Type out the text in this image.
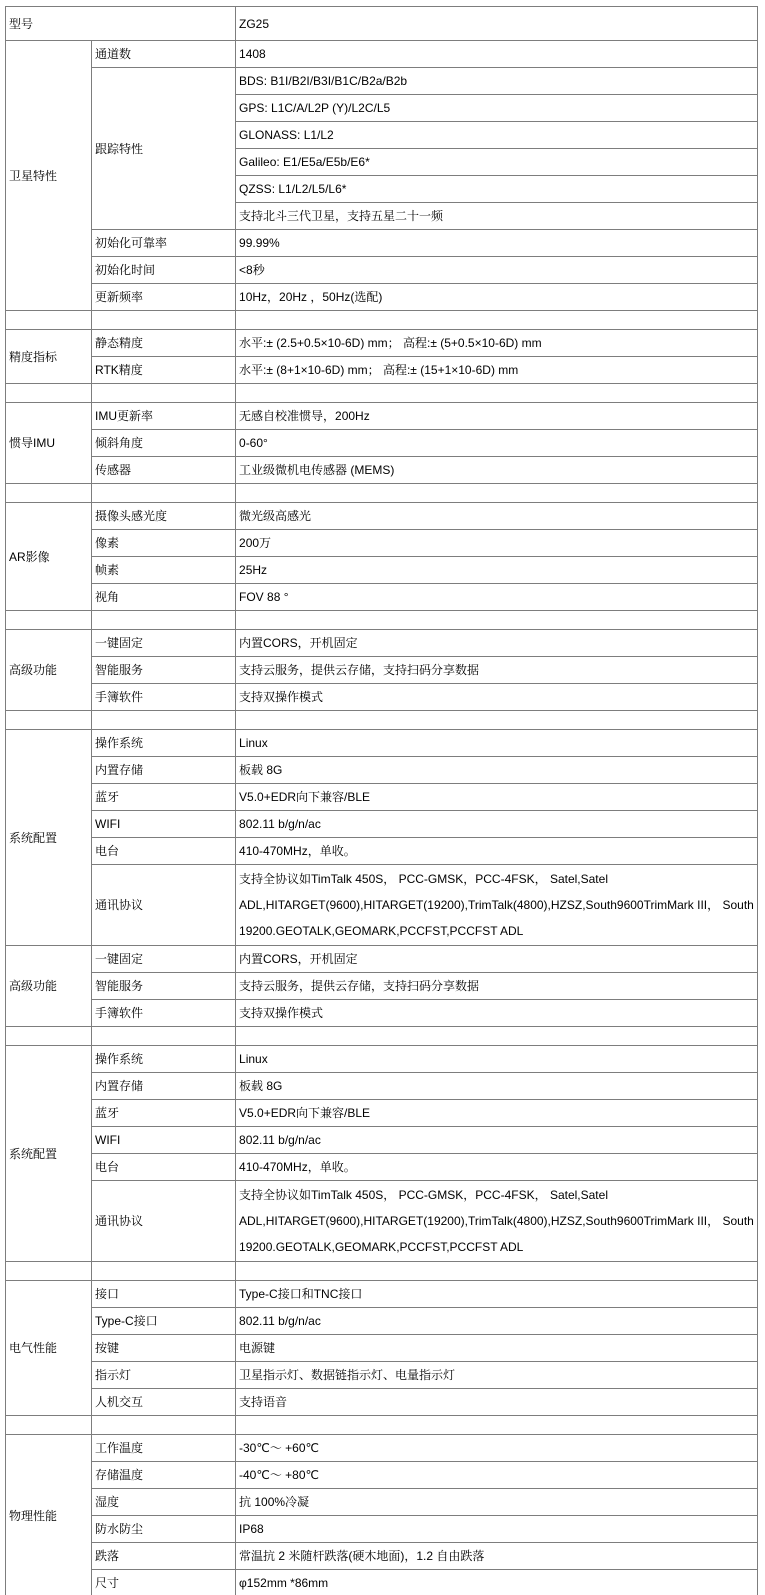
型号		ZG25
卫星特性	通道数	1408
	跟踪特性	BDS: B1I/B2I/B3I/B1C/B2a/B2b
		GPS: L1C/A/L2P (Y)/L2C/L5
		GLONASS: L1/L2
		Galileo: E1/E5a/E5b/E6*
		QZSS: L1/L2/L5/L6*
		支持北斗三代卫星，支持五星二十一频
	初始化可靠率	99.99%
	初始化时间	<8秒
	更新频率	10Hz，20Hz ，50Hz(选配)

精度指标	静态精度	水平:± (2.5+0.5×10-6D) mm； 高程:± (5+0.5×10-6D) mm
	RTK精度	水平:± (8+1×10-6D) mm； 高程:± (15+1×10-6D) mm

惯导IMU	IMU更新率	无感自校准惯导，200Hz
	倾斜角度	0-60°
	传感器	工业级微机电传感器 (MEMS)

AR影像	摄像头感光度	微光级高感光
	像素	200万
	帧素	25Hz
	视角	FOV 88 °

高级功能	一键固定	内置CORS，开机固定
	智能服务	支持云服务，提供云存储，支持扫码分享数据
	手簿软件	支持双操作模式

系统配置	操作系统	Linux
	内置存储	板载 8G
	蓝牙	V5.0+EDR向下兼容/BLE
	WIFI	802.11 b/g/n/ac
	电台	410-470MHz，单收。
	通讯协议	支持全协议如TimTalk 450S， PCC-GMSK，PCC-4FSK， Satel,Satel ADL,HITARGET(9600),HITARGET(19200),TrimTalk(4800),HZSZ,South9600TrimMark III， South 19200.GEOTALK,GEOMARK,PCCFST,PCCFST ADL

高级功能	一键固定	内置CORS，开机固定
	智能服务	支持云服务，提供云存储，支持扫码分享数据
	手簿软件	支持双操作模式

系统配置	操作系统	Linux
	内置存储	板载 8G
	蓝牙	V5.0+EDR向下兼容/BLE
	WIFI	802.11 b/g/n/ac
	电台	410-470MHz，单收。
	通讯协议	支持全协议如TimTalk 450S， PCC-GMSK，PCC-4FSK， Satel,Satel ADL,HITARGET(9600),HITARGET(19200),TrimTalk(4800),HZSZ,South9600TrimMark III， South 19200.GEOTALK,GEOMARK,PCCFST,PCCFST ADL

电气性能	接口	Type-C接口和TNC接口
	Type-C接口	802.11 b/g/n/ac
	按键	电源键
	指示灯	卫星指示灯、数据链指示灯、电量指示灯
	人机交互	支持语音

物理性能	工作温度	-30℃～ +60℃
	存储温度	-40℃～ +80℃
	湿度	抗 100%冷凝
	防水防尘	IP68
	跌落	常温抗 2 米随杆跌落(硬木地面)，1.2 自由跌落
	尺寸	φ152mm *86mm
